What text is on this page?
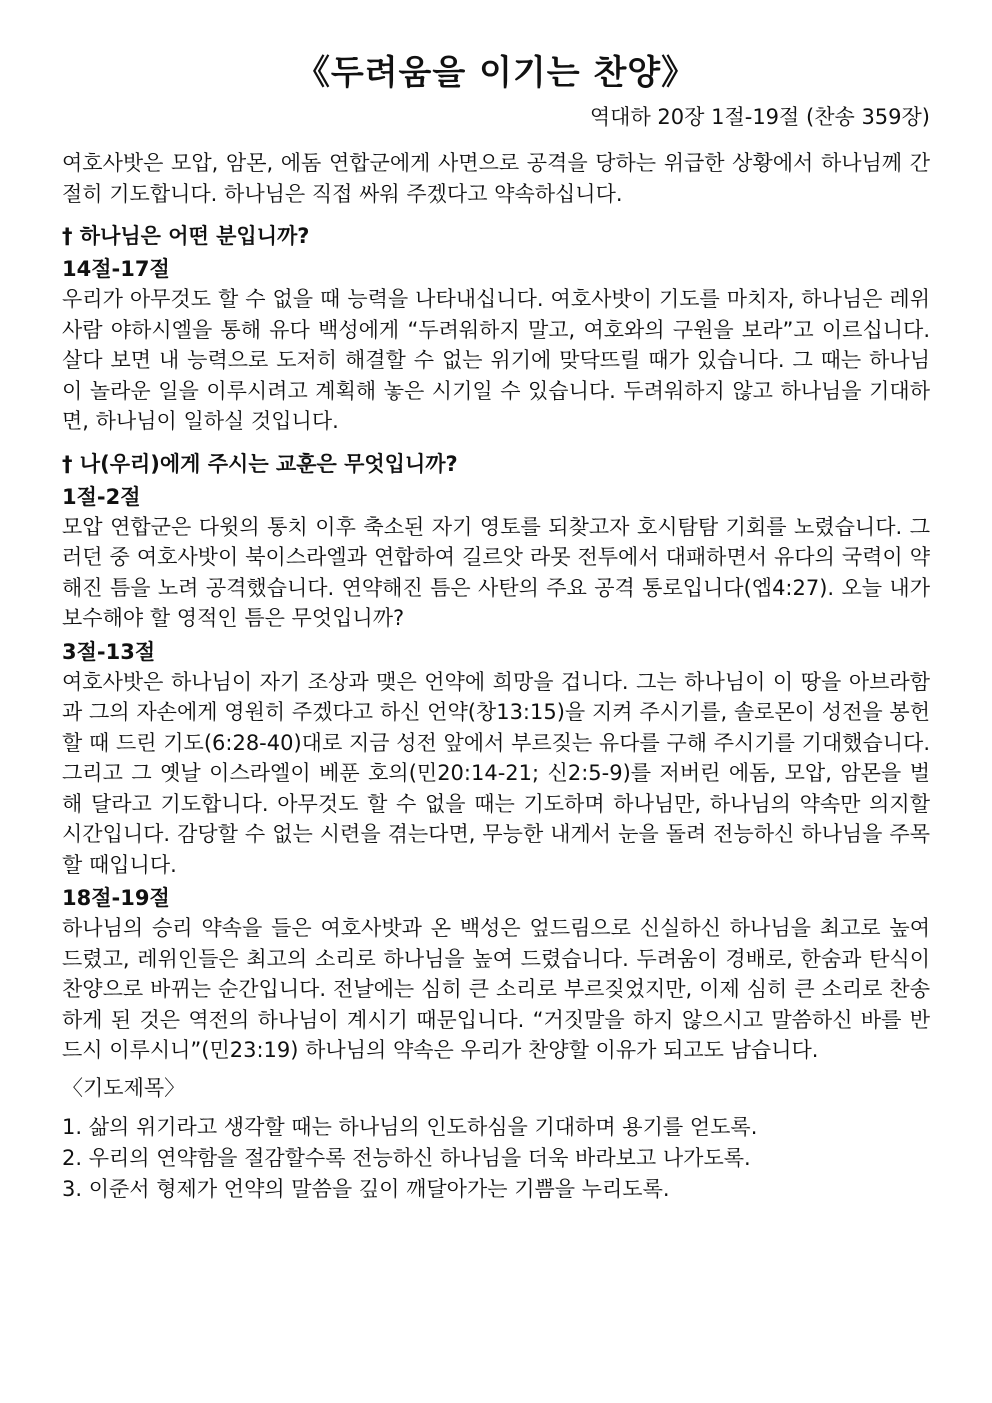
《두려움을 이기는 찬양》
역대하 20장 1절-19절 (찬송 359장)

여호사밧은 모압, 암몬, 에돔 연합군에게 사면으로 공격을 당하는 위급한 상황에서 하나님께 간절히 기도합니다. 하나님은 직접 싸워 주겠다고 약속하십니다.

† 하나님은 어떤 분입니까?
14절-17절

우리가 아무것도 할 수 없을 때 능력을 나타내십니다. 여호사밧이 기도를 마치자, 하나님은 레위사람 야하시엘을 통해 유다 백성에게 “두려워하지 말고, 여호와의 구원을 보라”고 이르십니다. 살다 보면 내 능력으로 도저히 해결할 수 없는 위기에 맞닥뜨릴 때가 있습니다. 그 때는 하나님이 놀라운 일을 이루시려고 계획해 놓은 시기일 수 있습니다. 두려워하지 않고 하나님을 기대하면, 하나님이 일하실 것입니다.

† 나(우리)에게 주시는 교훈은 무엇입니까?
1절-2절

모압 연합군은 다윗의 통치 이후 축소된 자기 영토를 되찾고자 호시탐탐 기회를 노렸습니다. 그러던 중 여호사밧이 북이스라엘과 연합하여 길르앗 라못 전투에서 대패하면서 유다의 국력이 약해진 틈을 노려 공격했습니다. 연약해진 틈은 사탄의 주요 공격 통로입니다(엡4:27). 오늘 내가 보수해야 할 영적인 틈은 무엇입니까?

3절-13절

여호사밧은 하나님이 자기 조상과 맺은 언약에 희망을 겁니다. 그는 하나님이 이 땅을 아브라함과 그의 자손에게 영원히 주겠다고 하신 언약(창13:15)을 지켜 주시기를, 솔로몬이 성전을 봉헌할 때 드린 기도(6:28-40)대로 지금 성전 앞에서 부르짖는 유다를 구해 주시기를 기대했습니다. 그리고 그 옛날 이스라엘이 베푼 호의(민20:14-21; 신2:5-9)를 저버린 에돔, 모압, 암몬을 벌해 달라고 기도합니다. 아무것도 할 수 없을 때는 기도하며 하나님만, 하나님의 약속만 의지할 시간입니다. 감당할 수 없는 시련을 겪는다면, 무능한 내게서 눈을 돌려 전능하신 하나님을 주목할 때입니다.

18절-19절

하나님의 승리 약속을 들은 여호사밧과 온 백성은 엎드림으로 신실하신 하나님을 최고로 높여 드렸고, 레위인들은 최고의 소리로 하나님을 높여 드렸습니다. 두려움이 경배로, 한숨과 탄식이 찬양으로 바뀌는 순간입니다. 전날에는 심히 큰 소리로 부르짖었지만, 이제 심히 큰 소리로 찬송하게 된 것은 역전의 하나님이 계시기 때문입니다. “거짓말을 하지 않으시고 말씀하신 바를 반드시 이루시니”(민23:19) 하나님의 약속은 우리가 찬양할 이유가 되고도 남습니다.

〈기도제목〉
1. 삶의 위기라고 생각할 때는 하나님의 인도하심을 기대하며 용기를 얻도록.
2. 우리의 연약함을 절감할수록 전능하신 하나님을 더욱 바라보고 나가도록.
3. 이준서 형제가 언약의 말씀을 깊이 깨달아가는 기쁨을 누리도록.
